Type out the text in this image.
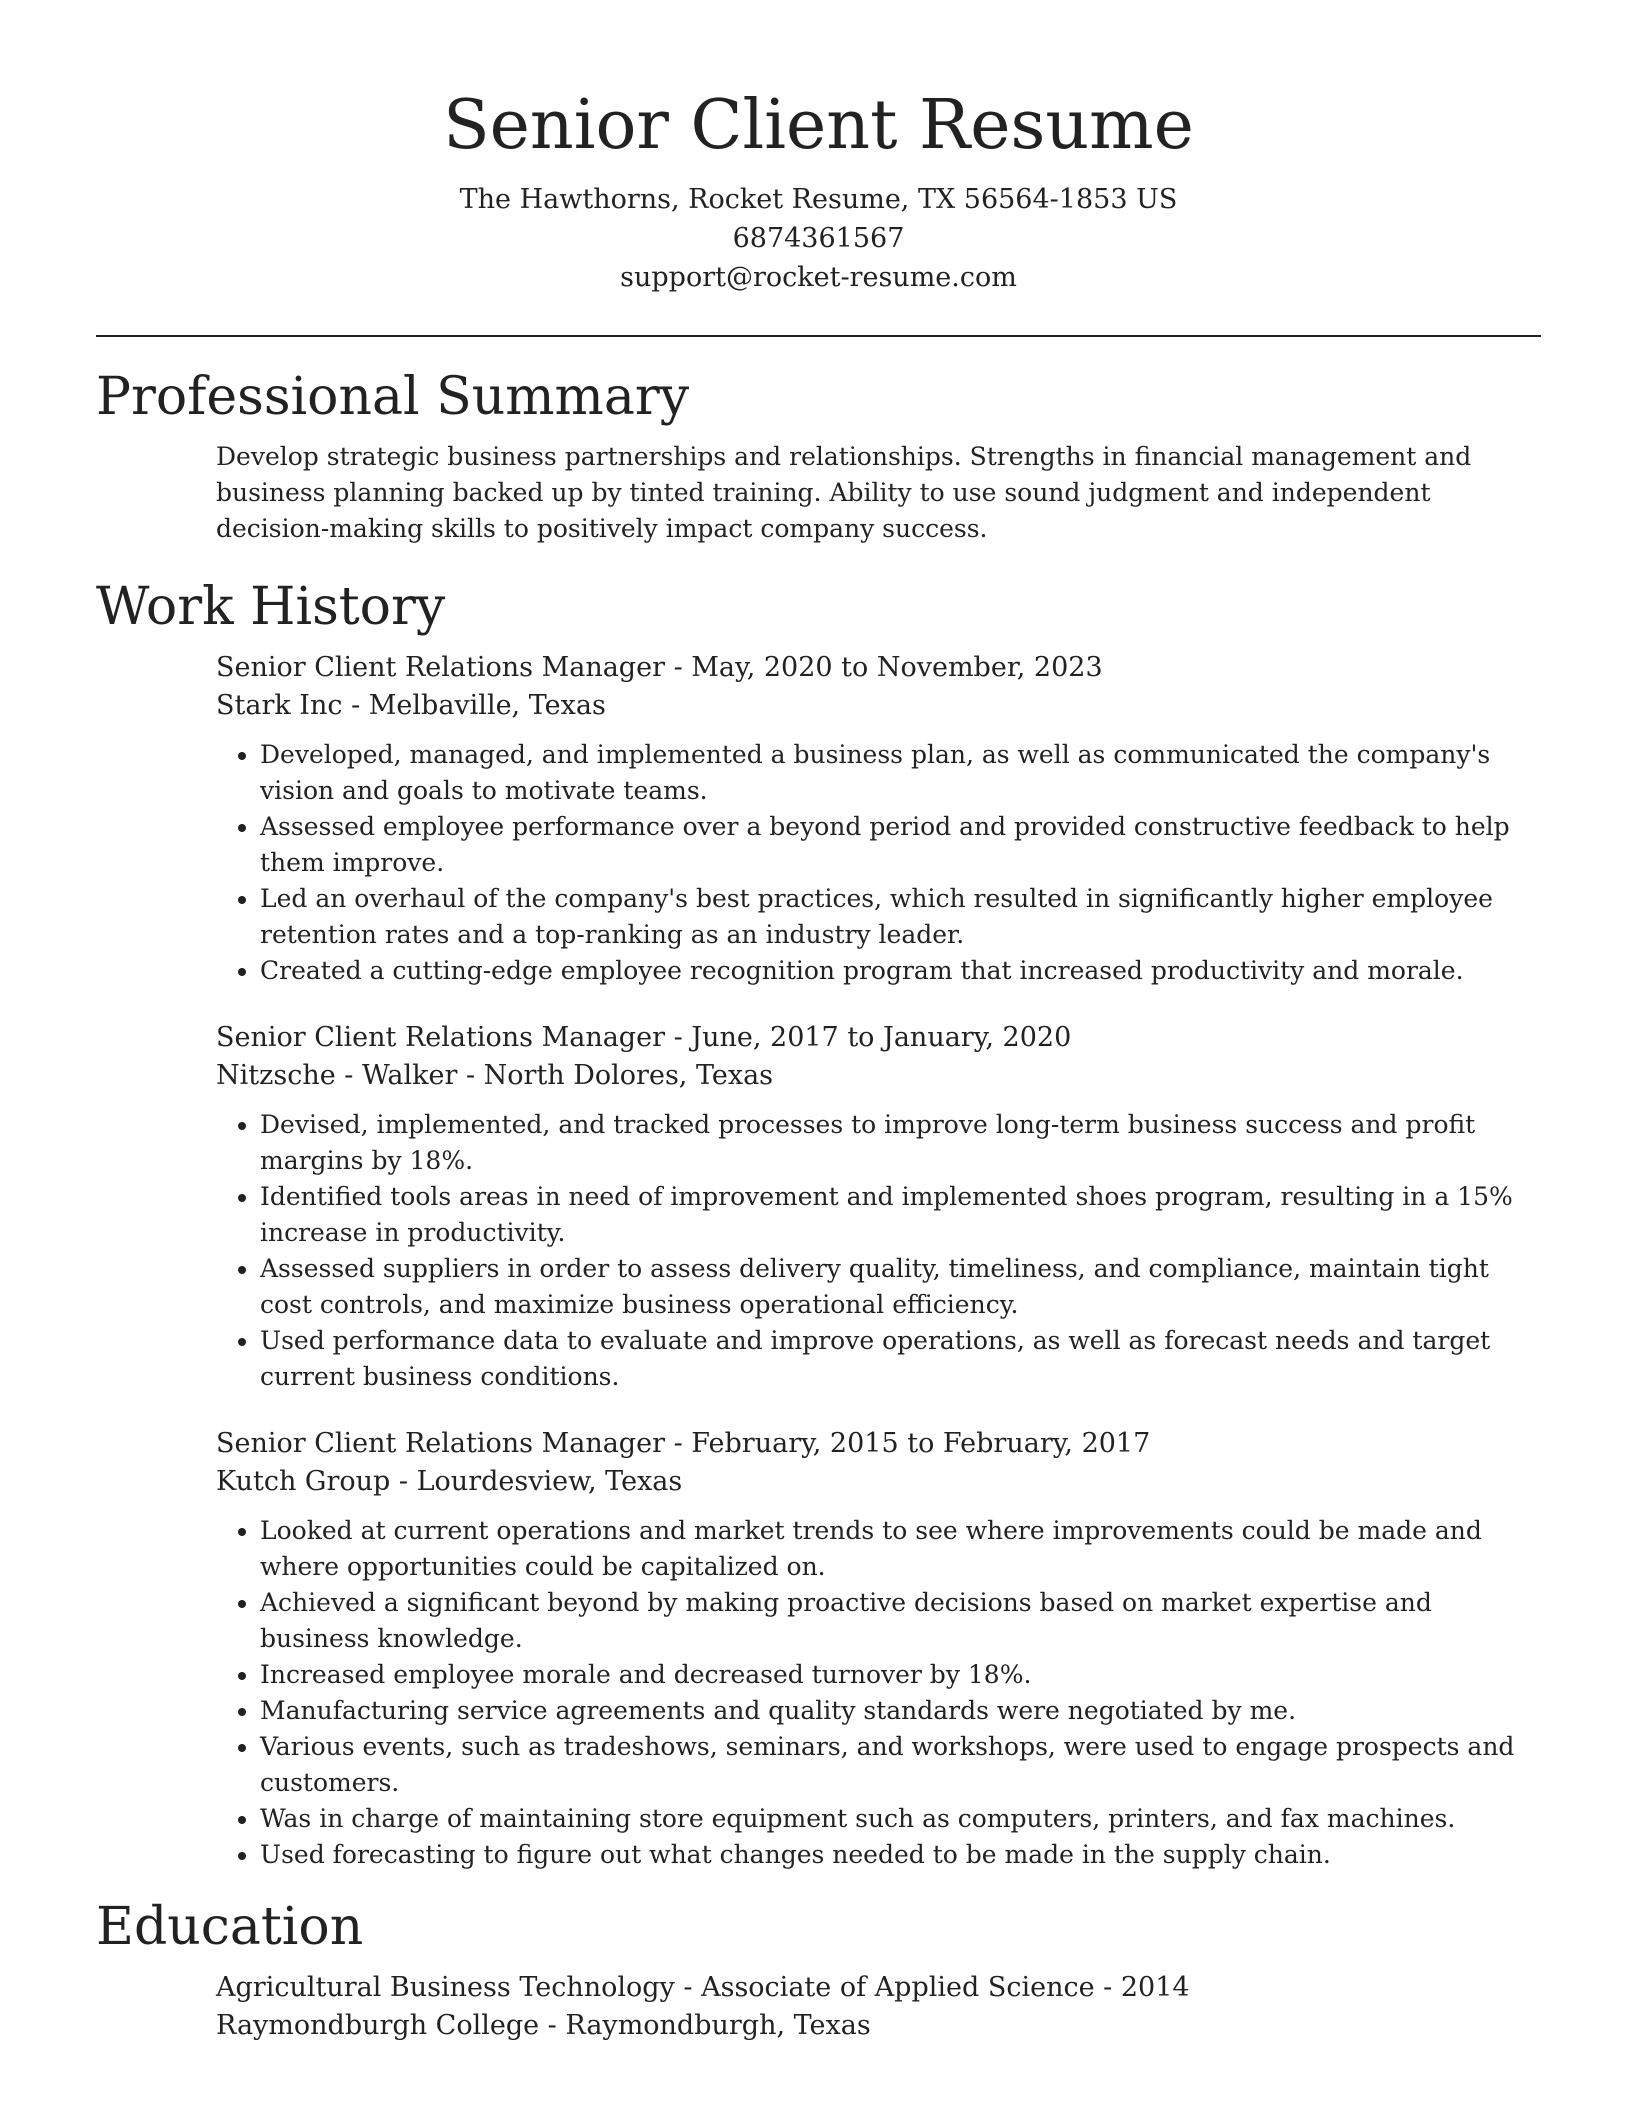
Senior Client Resume
The Hawthorns, Rocket Resume, TX 56564-1853 US
6874361567
support@rocket-resume.com
Professional Summary

Develop strategic business partnerships and relationships. Strengths in financial management and business planning backed up by tinted training. Ability to use sound judgment and independent decision-making skills to positively impact company success.

Work History
Senior Client Relations Manager - May, 2020 to November, 2023
Stark Inc - Melbaville, Texas
• Developed, managed, and implemented a business plan, as well as communicated the company's vision and goals to motivate teams.
• Assessed employee performance over a beyond period and provided constructive feedback to help them improve.
• Led an overhaul of the company's best practices, which resulted in significantly higher employee retention rates and a top-ranking as an industry leader.
• Created a cutting-edge employee recognition program that increased productivity and morale.
Senior Client Relations Manager - June, 2017 to January, 2020
Nitzsche - Walker - North Dolores, Texas
• Devised, implemented, and tracked processes to improve long-term business success and profit margins by 18%.
• Identified tools areas in need of improvement and implemented shoes program, resulting in a 15% increase in productivity.
• Assessed suppliers in order to assess delivery quality, timeliness, and compliance, maintain tight cost controls, and maximize business operational efficiency.
• Used performance data to evaluate and improve operations, as well as forecast needs and target current business conditions.
Senior Client Relations Manager - February, 2015 to February, 2017
Kutch Group - Lourdesview, Texas
• Looked at current operations and market trends to see where improvements could be made and where opportunities could be capitalized on.
• Achieved a significant beyond by making proactive decisions based on market expertise and business knowledge.
• Increased employee morale and decreased turnover by 18%.
• Manufacturing service agreements and quality standards were negotiated by me.
• Various events, such as tradeshows, seminars, and workshops, were used to engage prospects and customers.
• Was in charge of maintaining store equipment such as computers, printers, and fax machines.
• Used forecasting to figure out what changes needed to be made in the supply chain.
Education
Agricultural Business Technology - Associate of Applied Science - 2014
Raymondburgh College - Raymondburgh, Texas
